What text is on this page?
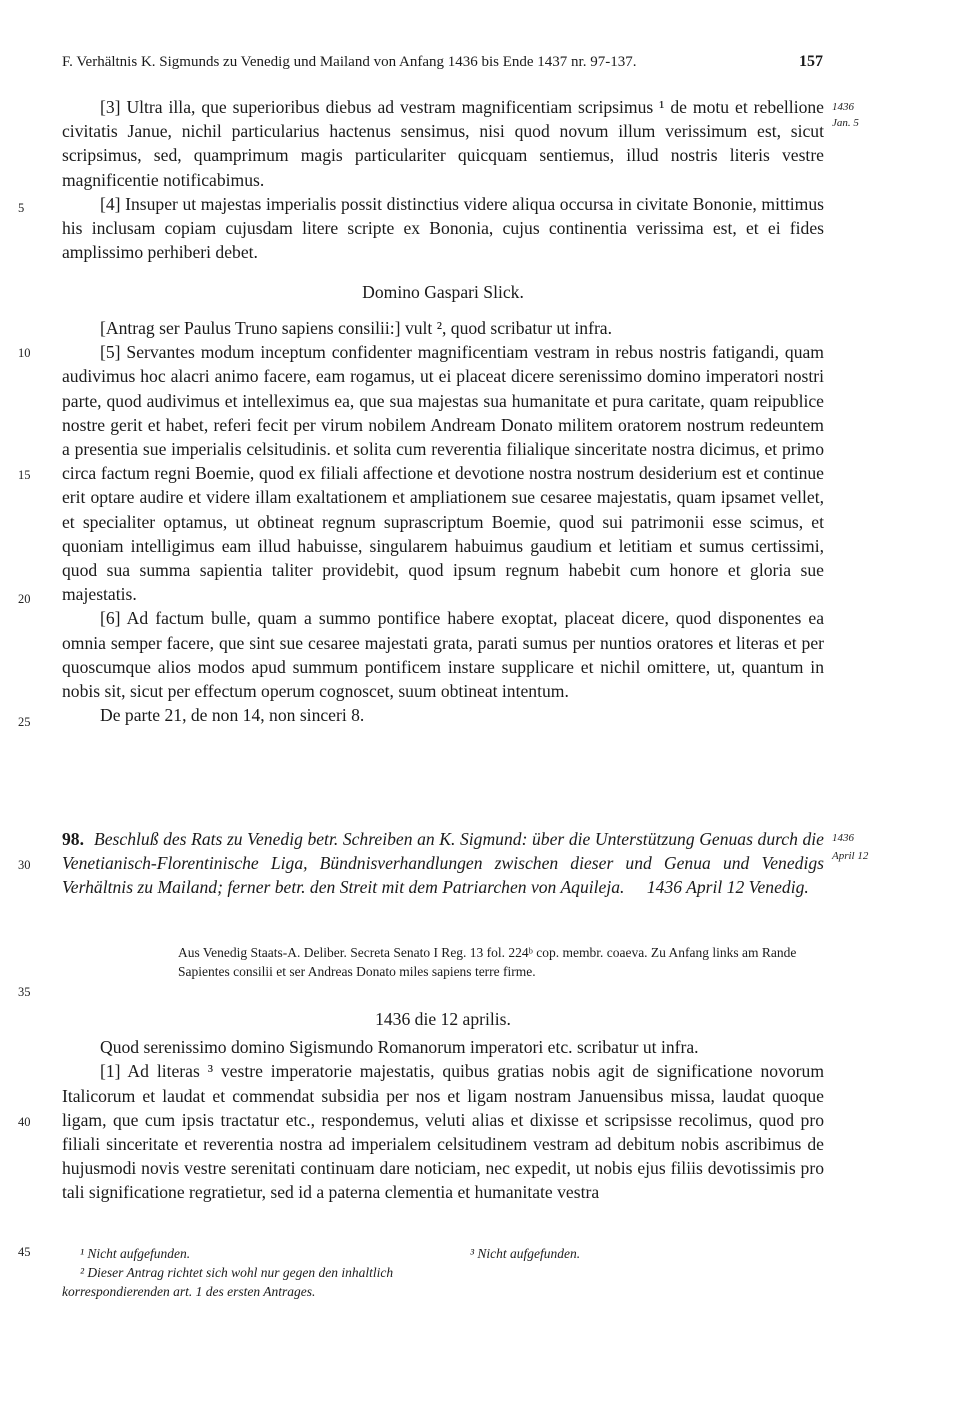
F. Verhältnis K. Sigmunds zu Venedig und Mailand von Anfang 1436 bis Ende 1437 nr. 97-137.	157
1436
Jan. 5
1436
April 12
5
10
15
20
25
30
35
40
45

[3] Ultra illa, que superioribus diebus ad vestram magnificentiam scripsimus ¹ de motu et rebellione civitatis Janue, nichil particularius hactenus sensimus, nisi quod novum illum verissimum est, sicut scripsimus, sed, quamprimum magis particulariter quicquam sentiemus, illud nostris literis vestre magnificentie notificabimus.

[4] Insuper ut majestas imperialis possit distinctius videre aliqua occursa in civitate Bononie, mittimus his inclusam copiam cujusdam litere scripte ex Bononia, cujus continentia verissima est, et ei fides amplissimo perhiberi debet.

Domino Gaspari Slick.

[Antrag ser Paulus Truno sapiens consilii:] vult ², quod scribatur ut infra.

[5] Servantes modum inceptum confidenter magnificentiam vestram in rebus nostris fatigandi, quam audivimus hoc alacri animo facere, eam rogamus, ut ei placeat dicere serenissimo domino imperatori nostri parte, quod audivimus et intelleximus ea, que sua majestas sua humanitate et pura caritate, quam reipublice nostre gerit et habet, referi fecit per virum nobilem Andream Donato militem oratorem nostrum redeuntem a presentia sue imperialis celsitudinis. et solita cum reverentia filialique sinceritate nostra dicimus, et primo circa factum regni Boemie, quod ex filiali affectione et devotione nostra nostrum desiderium est et continue erit optare audire et videre illam exaltationem et ampliationem sue cesaree majestatis, quam ipsamet vellet, et specialiter optamus, ut obtineat regnum suprascriptum Boemie, quod sui patrimonii esse scimus, et quoniam intelligimus eam illud habuisse, singularem habuimus gaudium et letitiam et sumus certissimi, quod sua summa sapientia taliter providebit, quod ipsum regnum habebit cum honore et gloria sue majestatis.

[6] Ad factum bulle, quam a summo pontifice habere exoptat, placeat dicere, quod disponentes ea omnia semper facere, que sint sue cesaree majestati grata, parati sumus per nuntios oratores et literas et per quoscumque alios modos apud summum pontificem instare supplicare et nichil omittere, ut, quantum in nobis sit, sicut per effectum operum cognoscet, suum obtineat intentum.

De parte 21, de non 14, non sinceri 8.

98. Beschluß des Rats zu Venedig betr. Schreiben an K. Sigmund: über die Unterstützung Genuas durch die Venetianisch-Florentinische Liga, Bündnisverhandlungen zwischen dieser und Genua und Venedigs Verhältnis zu Mailand; ferner betr. den Streit mit dem Patriarchen von Aquileja. 1436 April 12 Venedig.

Aus Venedig Staats-A. Deliber. Secreta Senato I Reg. 13 fol. 224ᵇ cop. membr. coaeva. Zu Anfang links am Rande Sapientes consilii et ser Andreas Donato miles sapiens terre firme.

1436 die 12 aprilis.

Quod serenissimo domino Sigismundo Romanorum imperatori etc. scribatur ut infra.

[1] Ad literas ³ vestre imperatorie majestatis, quibus gratias nobis agit de significatione novorum Italicorum et laudat et commendat subsidia per nos et ligam nostram Januensibus missa, laudat quoque ligam, que cum ipsis tractatur etc., respondemus, veluti alias et dixisse et scripsisse recolimus, quod pro filiali sinceritate et reverentia nostra ad imperialem celsitudinem vestram ad debitum nobis ascribimus de hujusmodi novis vestre serenitati continuam dare noticiam, nec expedit, ut nobis ejus filiis devotissimis pro tali significatione regratietur, sed id a paterna clementia et humanitate vestra

¹ Nicht aufgefunden.

² Dieser Antrag richtet sich wohl nur gegen den inhaltlich korrespondierenden art. 1 des ersten Antrages.

³ Nicht aufgefunden.
